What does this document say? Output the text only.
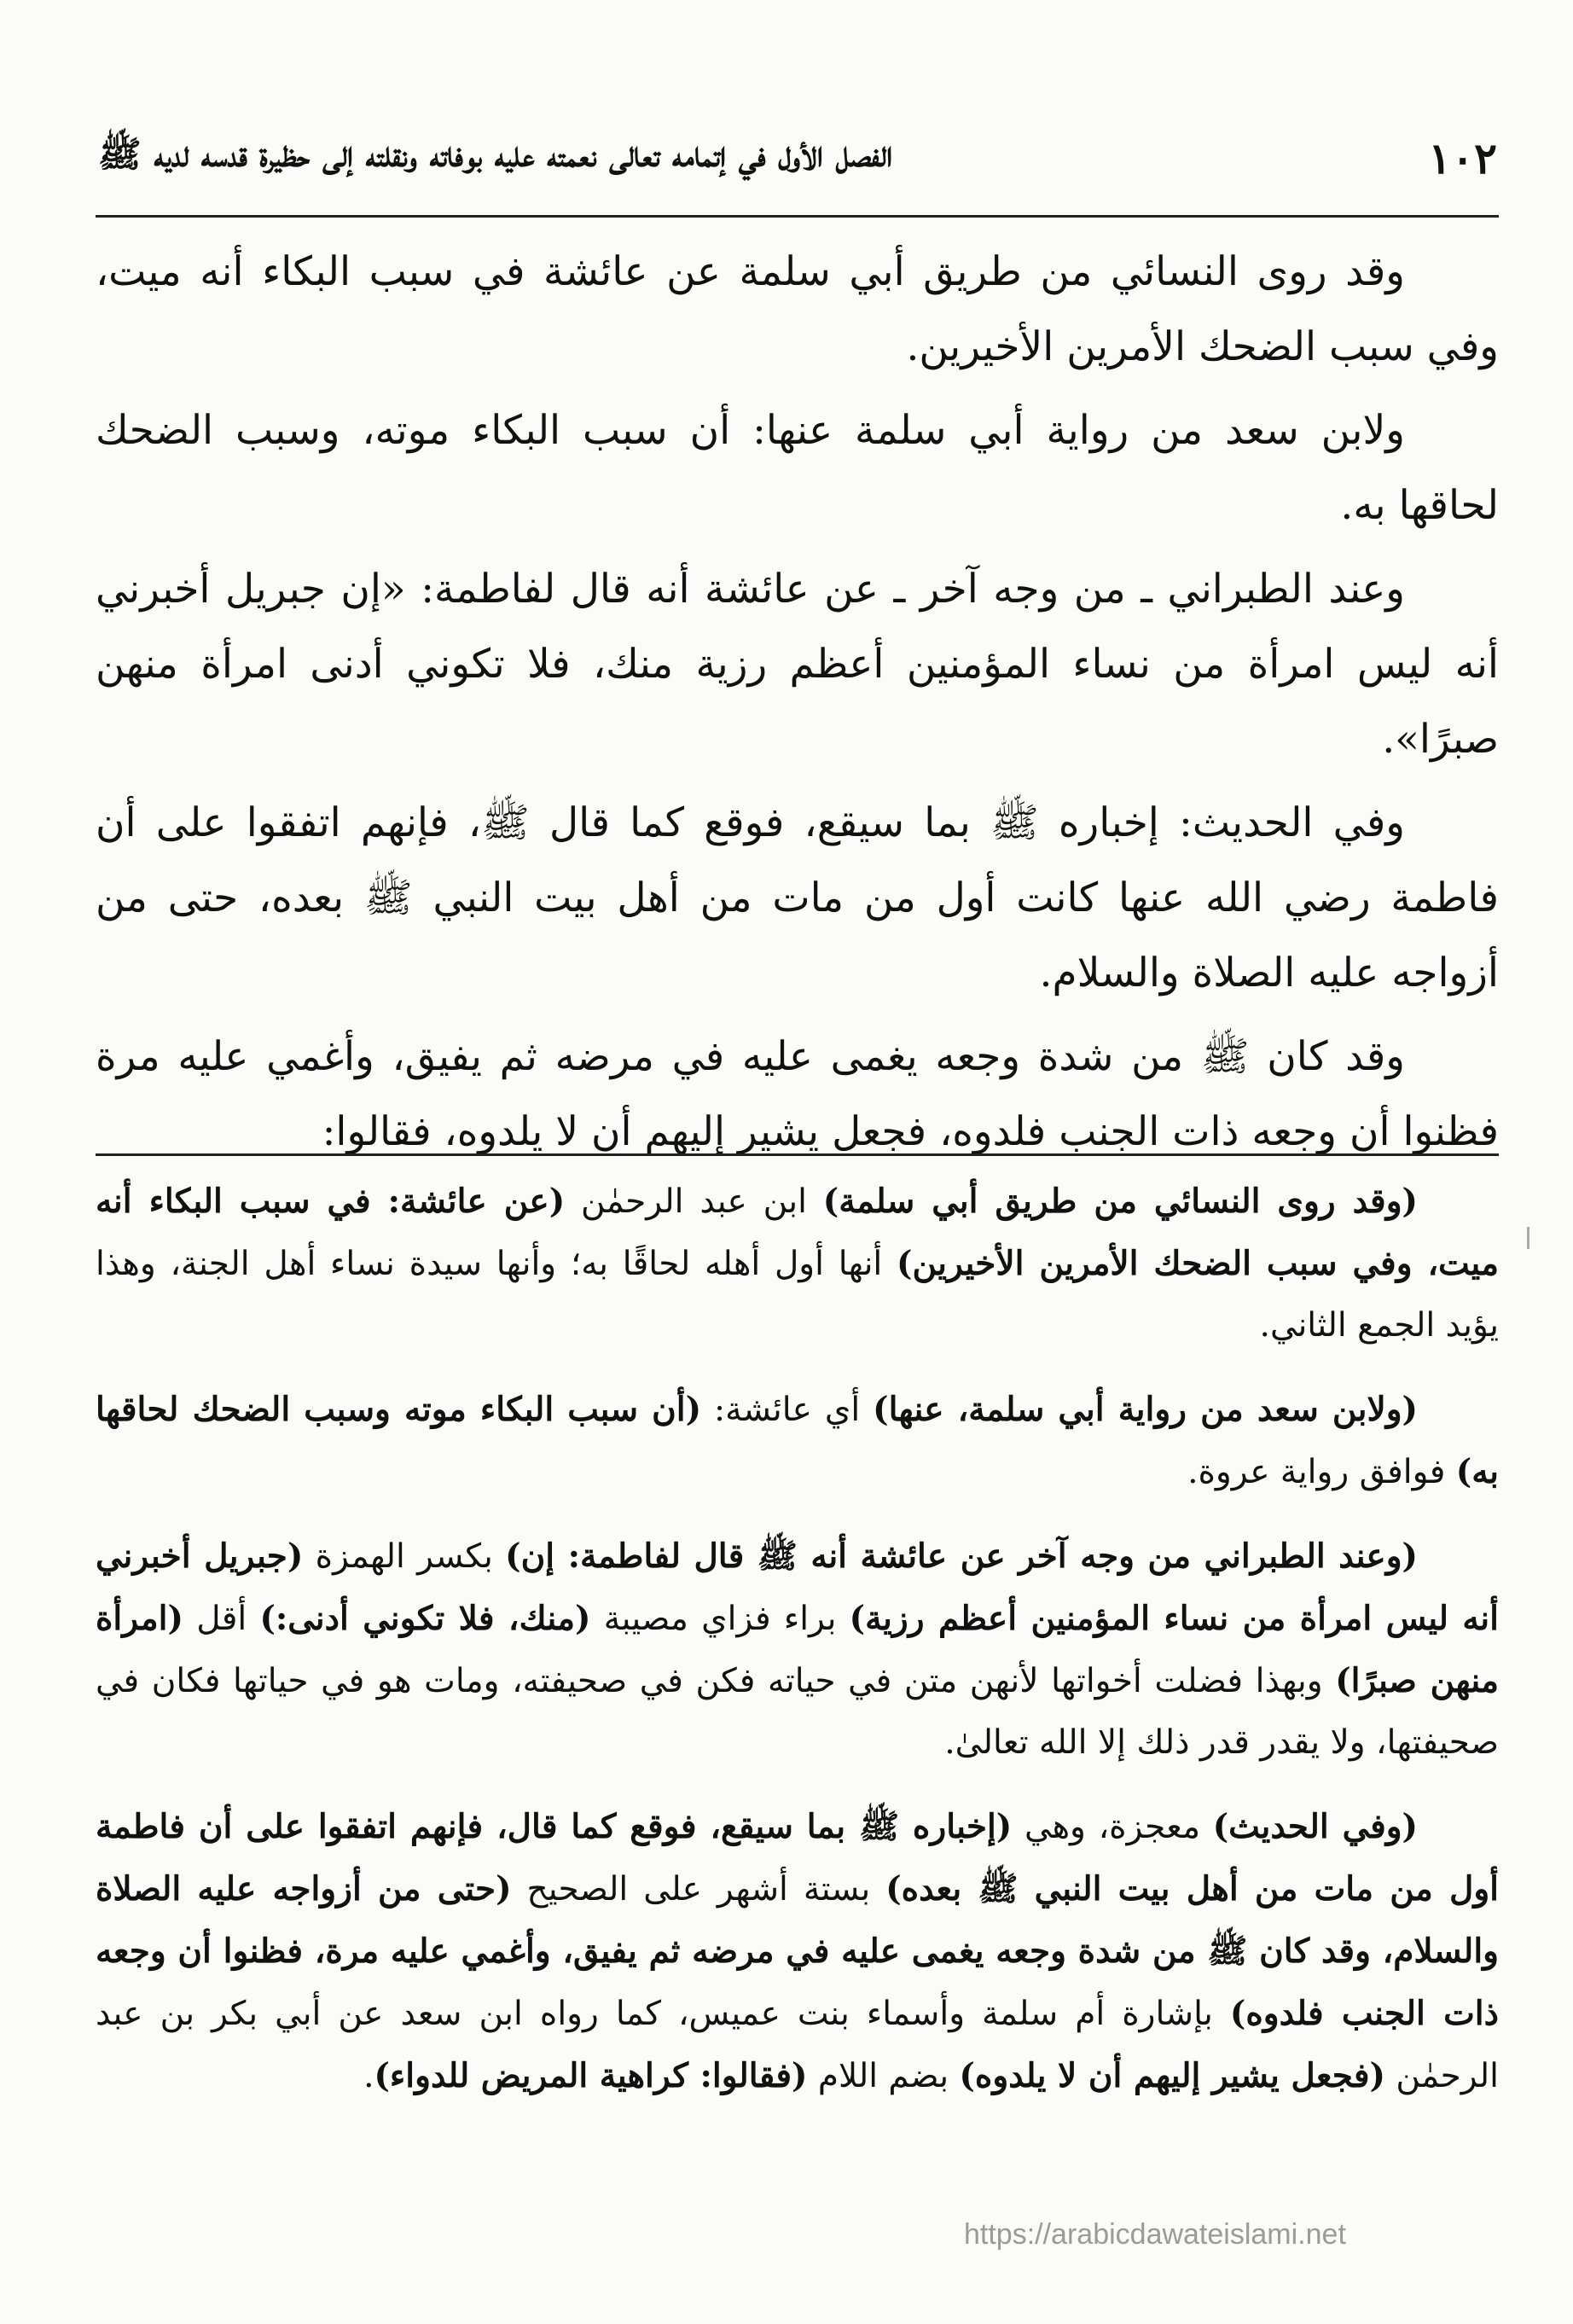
١٠٢
الفصل الأول في إتمامه تعالى نعمته عليه بوفاته ونقلته إلى حظيرة قدسه لديه ﷺ

وقد روى النسائي من طريق أبي سلمة عن عائشة في سبب البكاء أنه ميت، وفي سبب الضحك الأمرين الأخيرين.

ولابن سعد من رواية أبي سلمة عنها: أن سبب البكاء موته، وسبب الضحك لحاقها به.

وعند الطبراني ـ من وجه آخر ـ عن عائشة أنه قال لفاطمة: «إن جبريل أخبرني أنه ليس امرأة من نساء المؤمنين أعظم رزية منك، فلا تكوني أدنى امرأة منهن صبرًا».

وفي الحديث: إخباره ﷺ بما سيقع، فوقع كما قال ﷺ، فإنهم اتفقوا على أن فاطمة رضي الله عنها كانت أول من مات من أهل بيت النبي ﷺ بعده، حتى من أزواجه عليه الصلاة والسلام.

وقد كان ﷺ من شدة وجعه يغمى عليه في مرضه ثم يفيق، وأغمي عليه مرة فظنوا أن وجعه ذات الجنب فلدوه، فجعل يشير إليهم أن لا يلدوه، فقالوا:

(وقد روى النسائي من طريق أبي سلمة) ابن عبد الرحمٰن (عن عائشة: في سبب البكاء أنه ميت، وفي سبب الضحك الأمرين الأخيرين) أنها أول أهله لحاقًا به؛ وأنها سيدة نساء أهل الجنة، وهذا يؤيد الجمع الثاني.

(ولابن سعد من رواية أبي سلمة، عنها) أي عائشة: (أن سبب البكاء موته وسبب الضحك لحاقها به) فوافق رواية عروة.

(وعند الطبراني من وجه آخر عن عائشة أنه ﷺ قال لفاطمة: إن) بكسر الهمزة (جبريل أخبرني أنه ليس امرأة من نساء المؤمنين أعظم رزية) براء فزاي مصيبة (منك، فلا تكوني أدنى:) أقل (امرأة منهن صبرًا) وبهذا فضلت أخواتها لأنهن متن في حياته فكن في صحيفته، ومات هو في حياتها فكان في صحيفتها، ولا يقدر قدر ذلك إلا الله تعالىٰ.

(وفي الحديث) معجزة، وهي (إخباره ﷺ بما سيقع، فوقع كما قال، فإنهم اتفقوا على أن فاطمة أول من مات من أهل بيت النبي ﷺ بعده) بستة أشهر على الصحيح (حتى من أزواجه عليه الصلاة والسلام، وقد كان ﷺ من شدة وجعه يغمى عليه في مرضه ثم يفيق، وأغمي عليه مرة، فظنوا أن وجعه ذات الجنب فلدوه) بإشارة أم سلمة وأسماء بنت عميس، كما رواه ابن سعد عن أبي بكر بن عبد الرحمٰن (فجعل يشير إليهم أن لا يلدوه) بضم اللام (فقالوا: كراهية المريض للدواء).

https://arabicdawateislami.net
